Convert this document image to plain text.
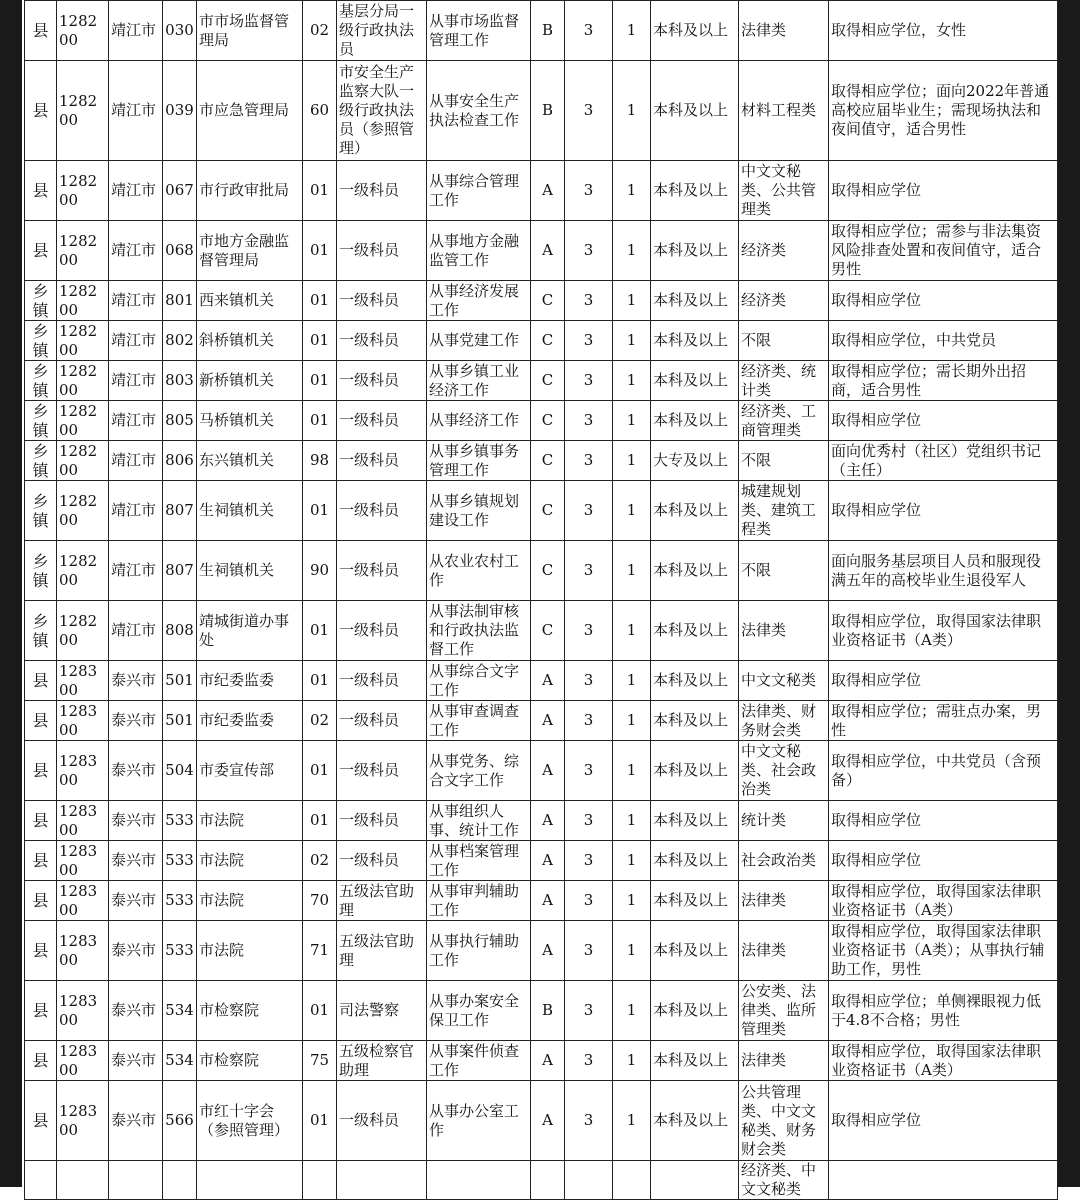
县	128200	靖江市	030	市市场监督管理局	02	基层分局一级行政执法员	从事市场监督管理工作	B	3	1	本科及以上	法律类	取得相应学位，女性
县	128200	靖江市	039	市应急管理局	60	市安全生产监察大队一级行政执法员（参照管理）	从事安全生产执法检查工作	B	3	1	本科及以上	材料工程类	取得相应学位；面向2022年普通高校应届毕业生；需现场执法和夜间值守，适合男性
县	128200	靖江市	067	市行政审批局	01	一级科员	从事综合管理工作	A	3	1	本科及以上	中文文秘类、公共管理类	取得相应学位
县	128200	靖江市	068	市地方金融监督管理局	01	一级科员	从事地方金融监管工作	A	3	1	本科及以上	经济类	取得相应学位；需参与非法集资风险排查处置和夜间值守，适合男性
乡镇	128200	靖江市	801	西来镇机关	01	一级科员	从事经济发展工作	C	3	1	本科及以上	经济类	取得相应学位
乡镇	128200	靖江市	802	斜桥镇机关	01	一级科员	从事党建工作	C	3	1	本科及以上	不限	取得相应学位，中共党员
乡镇	128200	靖江市	803	新桥镇机关	01	一级科员	从事乡镇工业经济工作	C	3	1	本科及以上	经济类、统计类	取得相应学位；需长期外出招商，适合男性
乡镇	128200	靖江市	805	马桥镇机关	01	一级科员	从事经济工作	C	3	1	本科及以上	经济类、工商管理类	取得相应学位
乡镇	128200	靖江市	806	东兴镇机关	98	一级科员	从事乡镇事务管理工作	C	3	1	大专及以上	不限	面向优秀村（社区）党组织书记（主任）
乡镇	128200	靖江市	807	生祠镇机关	01	一级科员	从事乡镇规划建设工作	C	3	1	本科及以上	城建规划类、建筑工程类	取得相应学位
乡镇	128200	靖江市	807	生祠镇机关	90	一级科员	从农业农村工作	C	3	1	本科及以上	不限	面向服务基层项目人员和服现役满五年的高校毕业生退役军人
乡镇	128200	靖江市	808	靖城街道办事处	01	一级科员	从事法制审核和行政执法监督工作	C	3	1	本科及以上	法律类	取得相应学位，取得国家法律职业资格证书（A类）
县	128300	泰兴市	501	市纪委监委	01	一级科员	从事综合文字工作	A	3	1	本科及以上	中文文秘类	取得相应学位
县	128300	泰兴市	501	市纪委监委	02	一级科员	从事审查调查工作	A	3	1	本科及以上	法律类、财务财会类	取得相应学位；需驻点办案，男性
县	128300	泰兴市	504	市委宣传部	01	一级科员	从事党务、综合文字工作	A	3	1	本科及以上	中文文秘类、社会政治类	取得相应学位，中共党员（含预备）
县	128300	泰兴市	533	市法院	01	一级科员	从事组织人事、统计工作	A	3	1	本科及以上	统计类	取得相应学位
县	128300	泰兴市	533	市法院	02	一级科员	从事档案管理工作	A	3	1	本科及以上	社会政治类	取得相应学位
县	128300	泰兴市	533	市法院	70	五级法官助理	从事审判辅助工作	A	3	1	本科及以上	法律类	取得相应学位，取得国家法律职业资格证书（A类）
县	128300	泰兴市	533	市法院	71	五级法官助理	从事执行辅助工作	A	3	1	本科及以上	法律类	取得相应学位，取得国家法律职业资格证书（A类）；从事执行辅助工作，男性
县	128300	泰兴市	534	市检察院	01	司法警察	从事办案安全保卫工作	B	3	1	本科及以上	公安类、法律类、监所管理类	取得相应学位；单侧裸眼视力低于4.8不合格；男性
县	128300	泰兴市	534	市检察院	75	五级检察官助理	从事案件侦查工作	A	3	1	本科及以上	法律类	取得相应学位，取得国家法律职业资格证书（A类）
县	128300	泰兴市	566	市红十字会（参照管理）	01	一级科员	从事办公室工作	A	3	1	本科及以上	公共管理类、中文文秘类、财务财会类	取得相应学位
												经济类、中文文秘类	
